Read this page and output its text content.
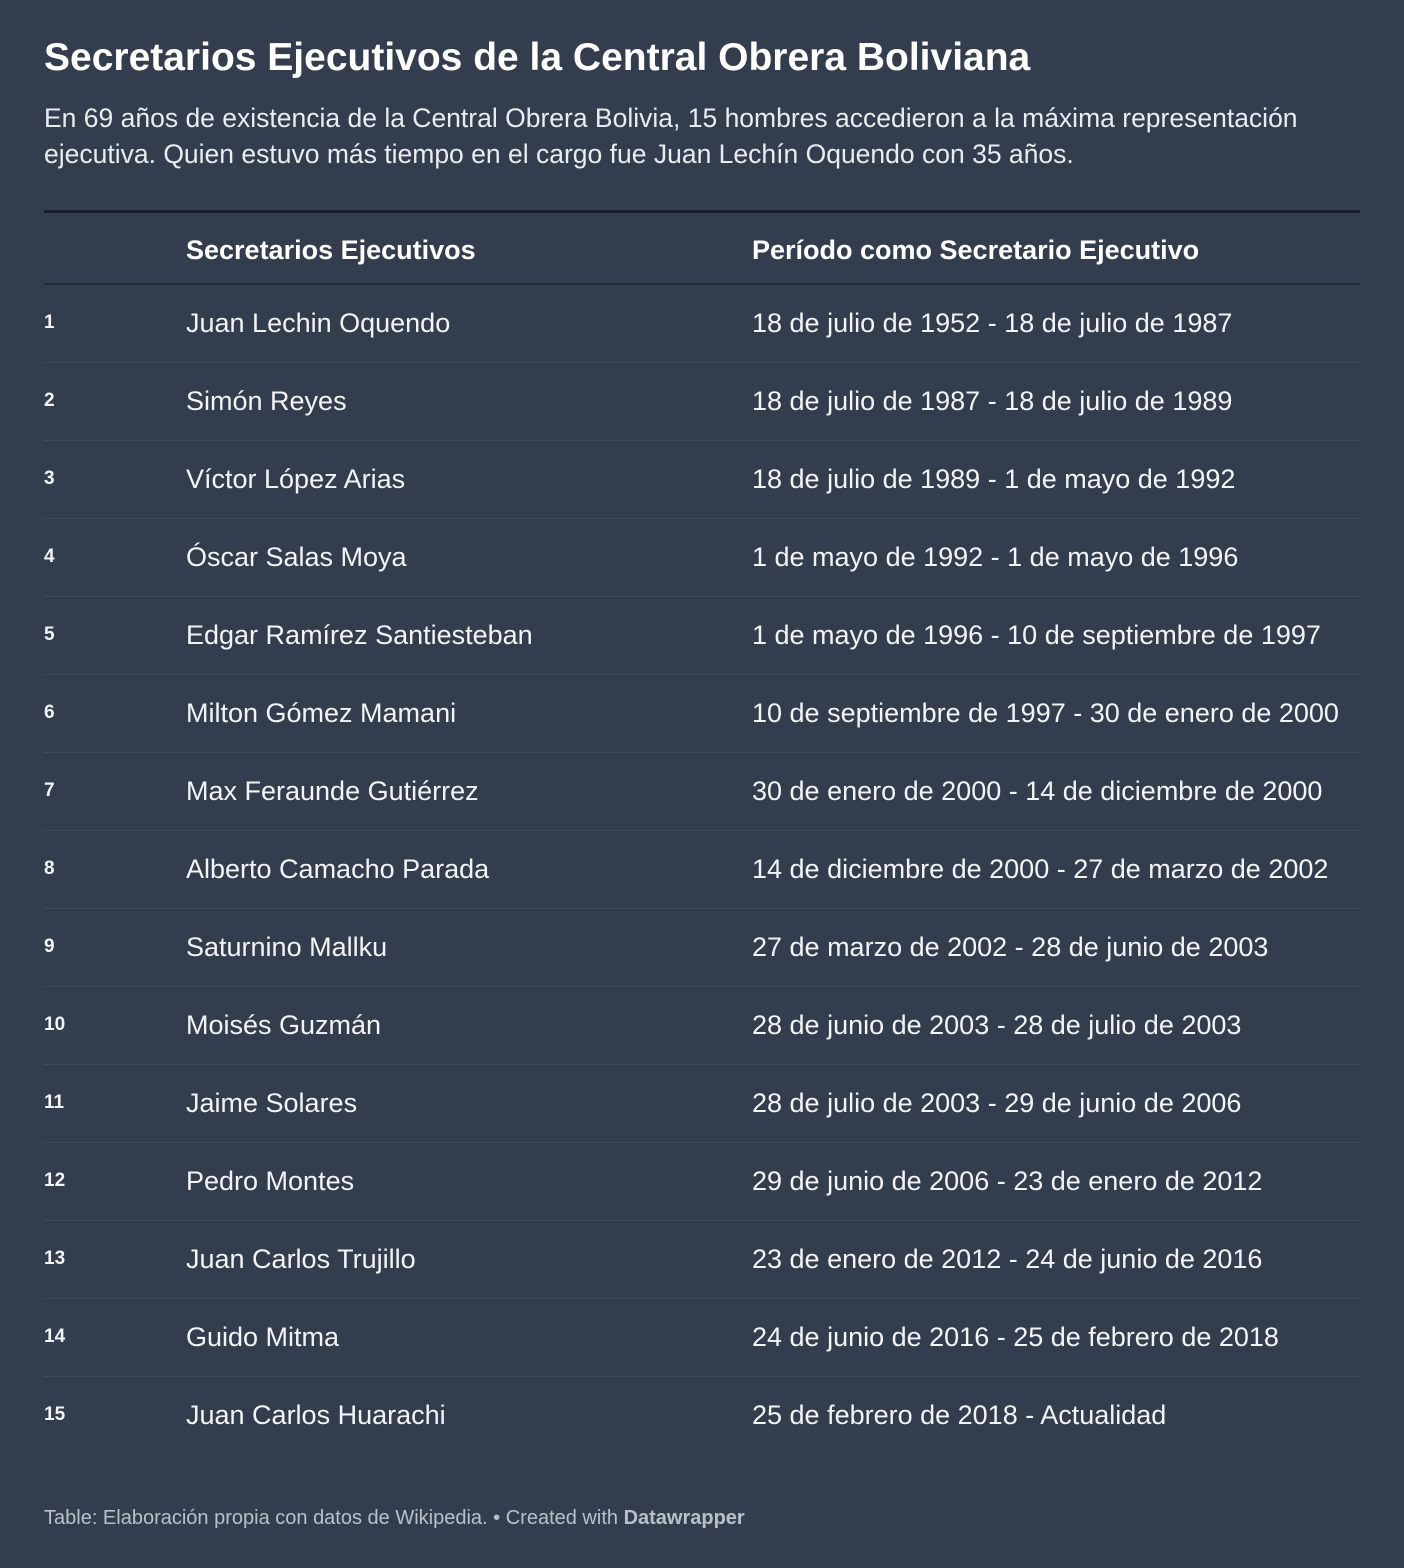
Secretarios Ejecutivos de la Central Obrera Boliviana
En 69 años de existencia de la Central Obrera Bolivia, 15 hombres accedieron a la máxima representación ejecutiva. Quien estuvo más tiempo en el cargo fue Juan Lechín Oquendo con 35 años.
Secretarios Ejecutivos	Período como Secretario Ejecutivo
1	Juan Lechin Oquendo	18 de julio de 1952 - 18 de julio de 1987
2	Simón Reyes	18 de julio de 1987 - 18 de julio de 1989
3	Víctor López Arias	18 de julio de 1989 - 1 de mayo de 1992
4	Óscar Salas Moya	1 de mayo de 1992 - 1 de mayo de 1996
5	Edgar Ramírez Santiesteban	1 de mayo de 1996 - 10 de septiembre de 1997
6	Milton Gómez Mamani	10 de septiembre de 1997 - 30 de enero de 2000
7	Max Feraunde Gutiérrez	30 de enero de 2000 - 14 de diciembre de 2000
8	Alberto Camacho Parada	14 de diciembre de 2000 - 27 de marzo de 2002
9	Saturnino Mallku	27 de marzo de 2002 - 28 de junio de 2003
10	Moisés Guzmán	28 de junio de 2003 - 28 de julio de 2003
11	Jaime Solares	28 de julio de 2003 - 29 de junio de 2006
12	Pedro Montes	29 de junio de 2006 - 23 de enero de 2012
13	Juan Carlos Trujillo	23 de enero de 2012 - 24 de junio de 2016
14	Guido Mitma	24 de junio de 2016 - 25 de febrero de 2018
15	Juan Carlos Huarachi	25 de febrero de 2018 - Actualidad
Table: Elaboración propia con datos de Wikipedia. • Created with Datawrapper
